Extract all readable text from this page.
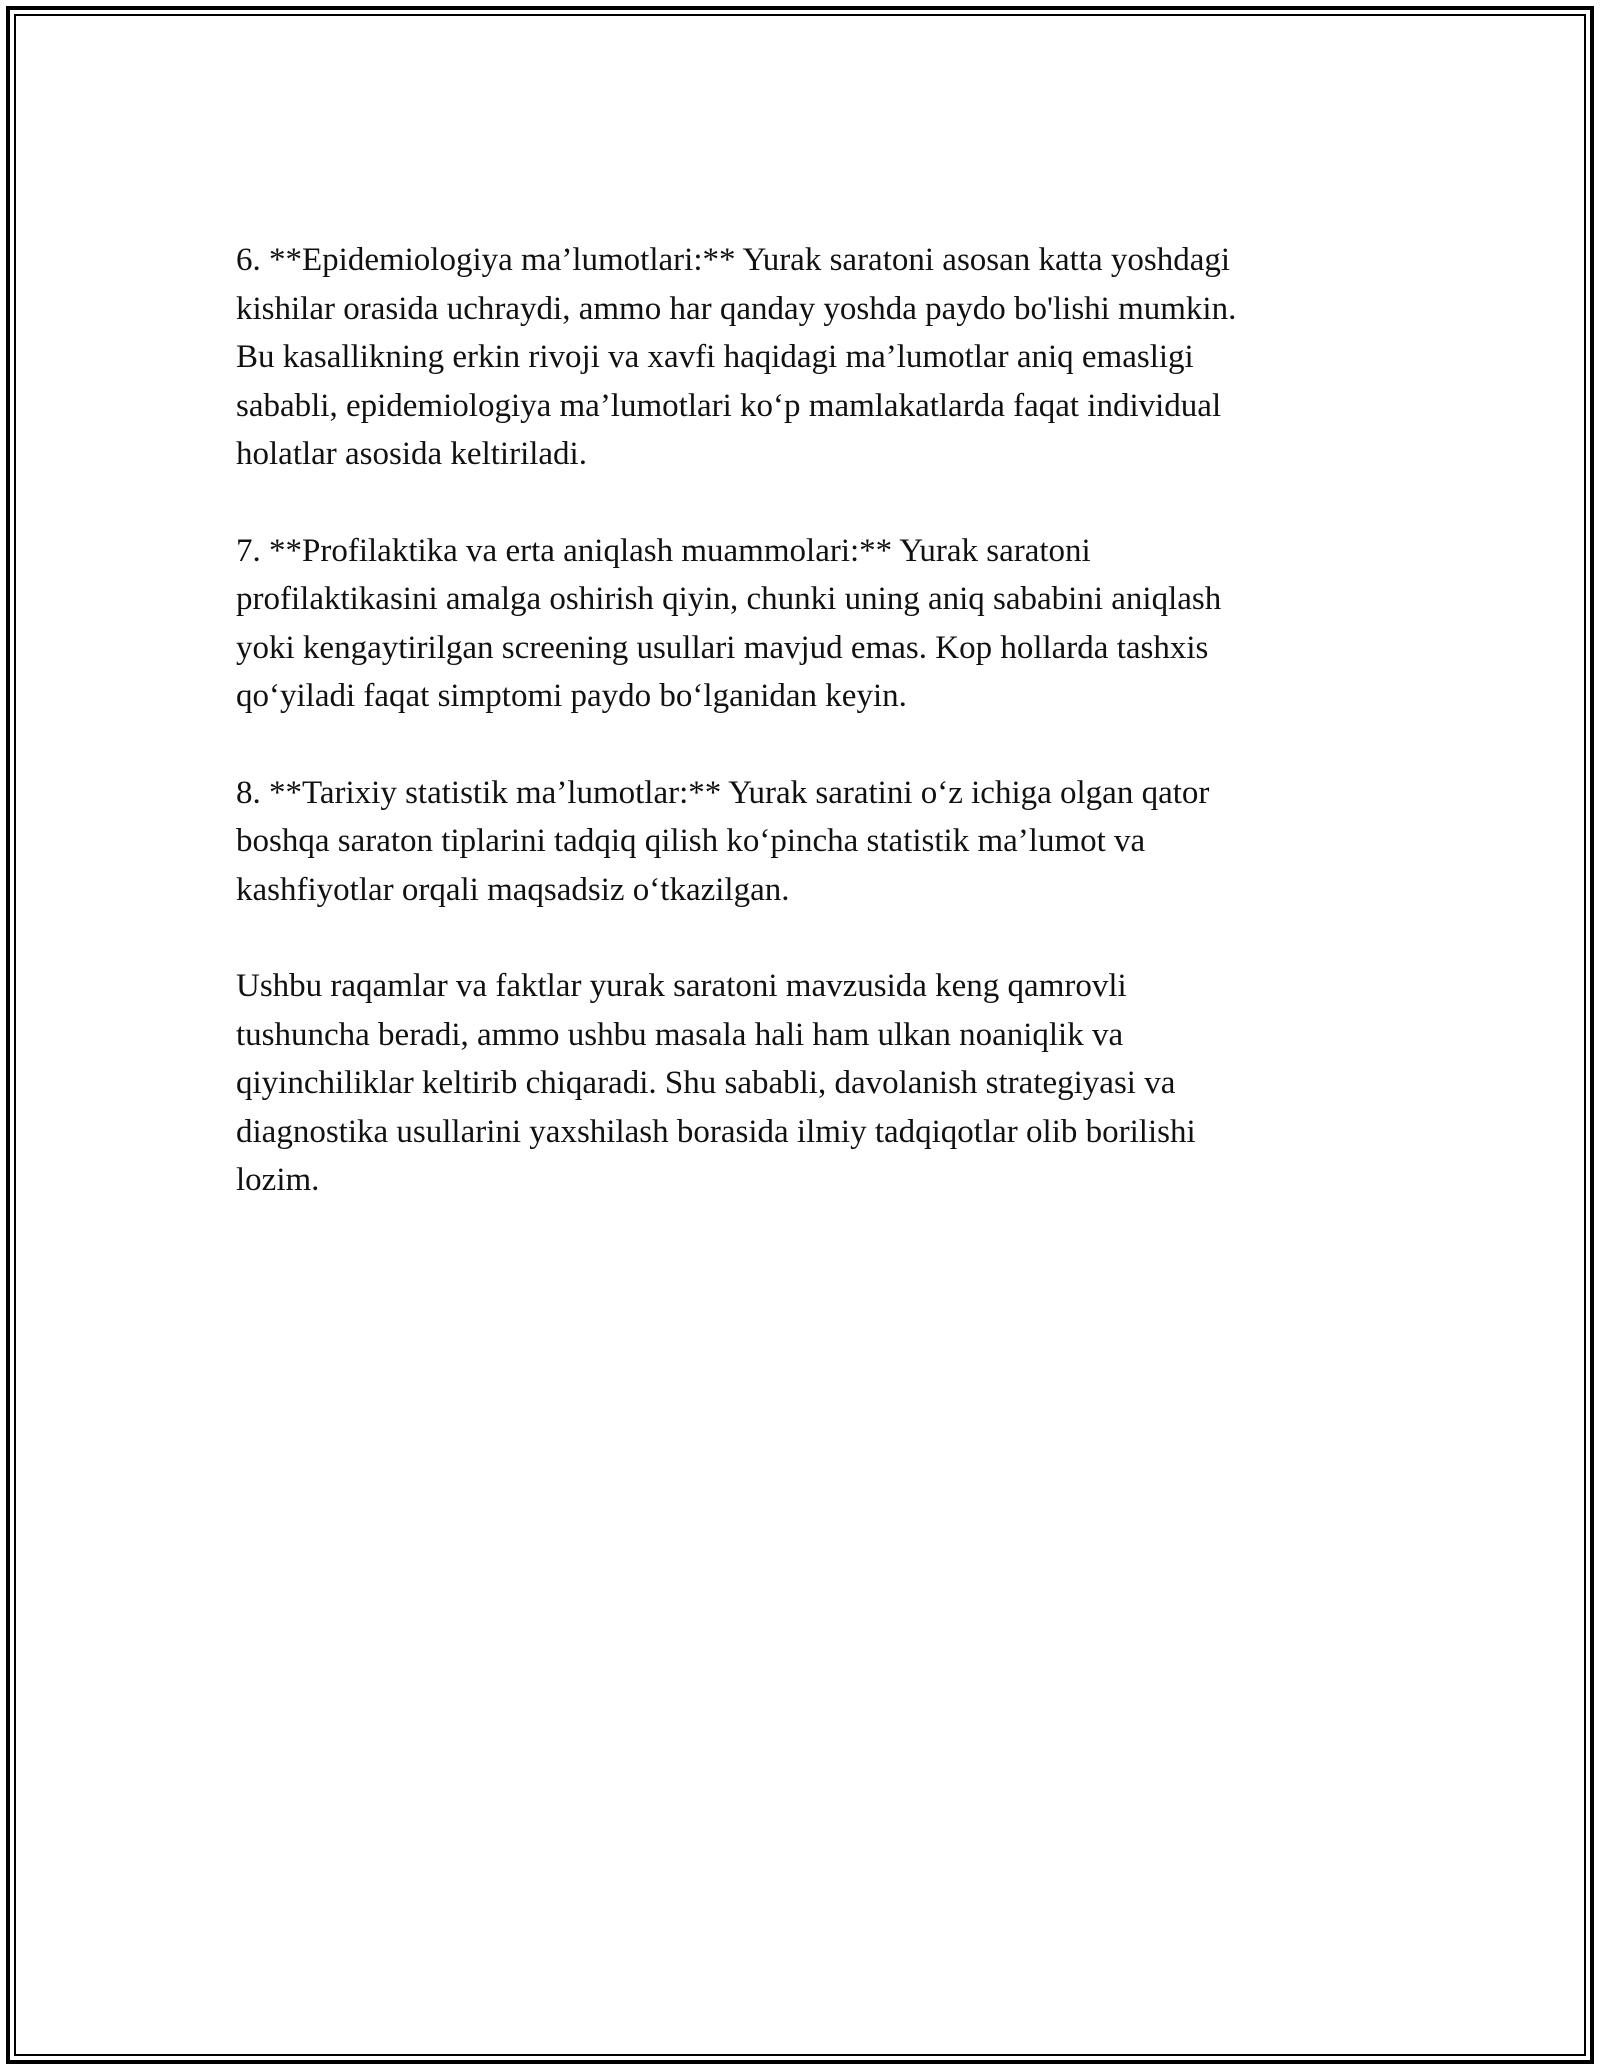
6. **Epidemiologiya ma’lumotlari:** Yurak saratoni asosan katta yoshdagi
kishilar orasida uchraydi, ammo har qanday yoshda paydo bo'lishi mumkin.
Bu kasallikning erkin rivoji va xavfi haqidagi ma’lumotlar aniq emasligi
sababli, epidemiologiya ma’lumotlari ko‘p mamlakatlarda faqat individual
holatlar asosida keltiriladi.

7. **Profilaktika va erta aniqlash muammolari:** Yurak saratoni
profilaktikasini amalga oshirish qiyin, chunki uning aniq sababini aniqlash
yoki kengaytirilgan screening usullari mavjud emas. Kop hollarda tashxis
qo‘yiladi faqat simptomi paydo bo‘lganidan keyin.

8. **Tarixiy statistik ma’lumotlar:** Yurak saratini o‘z ichiga olgan qator
boshqa saraton tiplarini tadqiq qilish ko‘pincha statistik ma’lumot va
kashfiyotlar orqali maqsadsiz o‘tkazilgan.

Ushbu raqamlar va faktlar yurak saratoni mavzusida keng qamrovli
tushuncha beradi, ammo ushbu masala hali ham ulkan noaniqlik va
qiyinchiliklar keltirib chiqaradi. Shu sababli, davolanish strategiyasi va
diagnostika usullarini yaxshilash borasida ilmiy tadqiqotlar olib borilishi
lozim.
